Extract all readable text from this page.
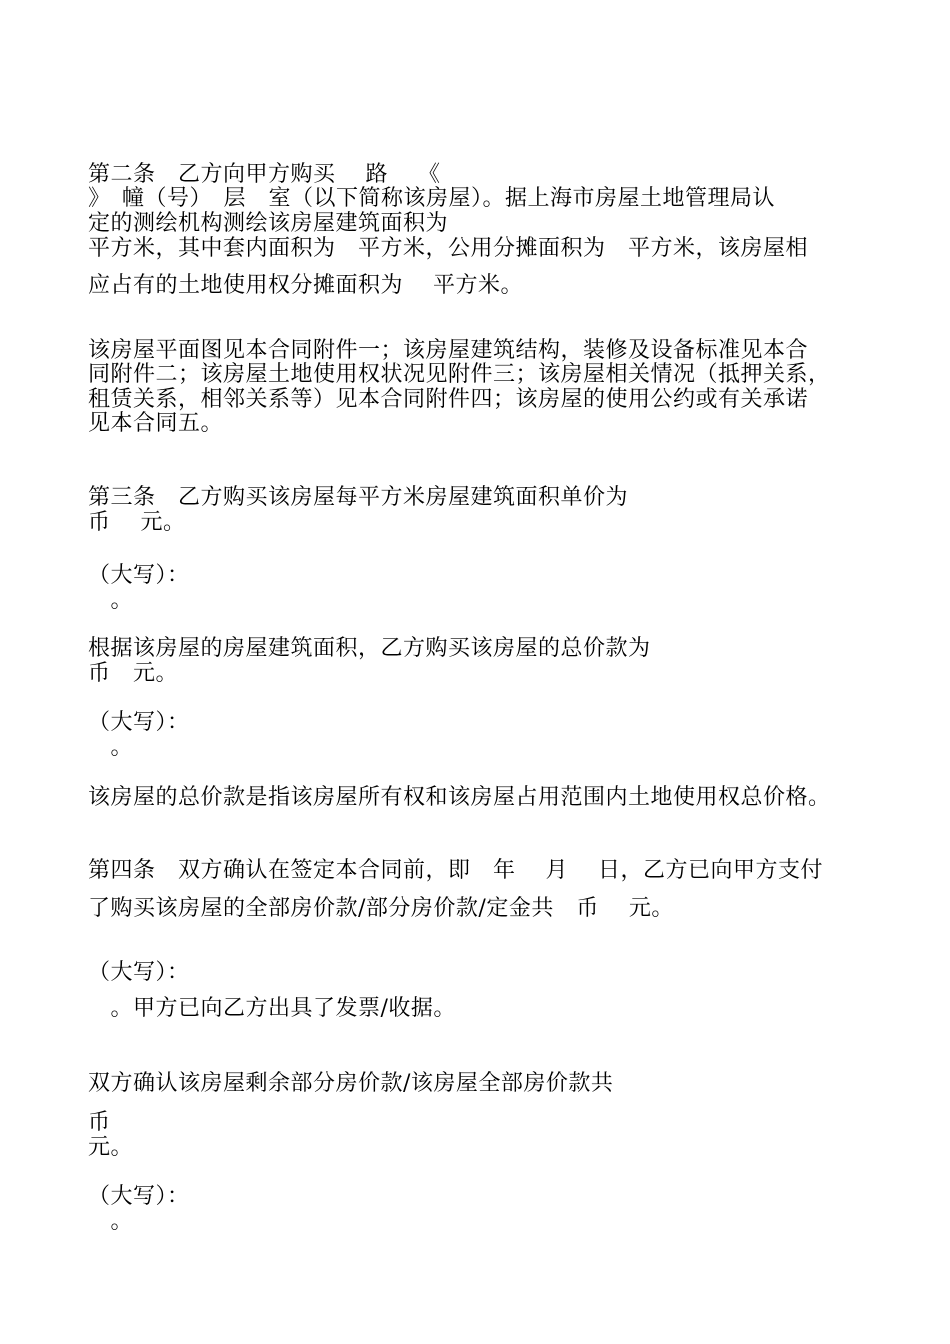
第二条　乙方向甲方购买　 路　 《
》　幢（号）　层　室（以下简称该房屋）。据上海市房屋土地管理局认
定的测绘机构测绘该房屋建筑面积为
平方米，其中套内面积为　平方米，公用分摊面积为　平方米，该房屋相
应占有的土地使用权分摊面积为　 平方米。
该房屋平面图见本合同附件一；该房屋建筑结构，装修及设备标准见本合
同附件二；该房屋土地使用权状况见附件三；该房屋相关情况（抵押关系，
租赁关系，相邻关系等）见本合同附件四；该房屋的使用公约或有关承诺
见本合同五。
第三条　乙方购买该房屋每平方米房屋建筑面积单价为
币　 元。
（大写）：
　。
根据该房屋的房屋建筑面积，乙方购买该房屋的总价款为
币　元。
（大写）：
　。
该房屋的总价款是指该房屋所有权和该房屋占用范围内土地使用权总价格。
第四条　双方确认在签定本合同前，即　年　 月　 日，乙方已向甲方支付
了购买该房屋的全部房价款/部分房价款/定金共　币　 元。
（大写）：
　。甲方已向乙方出具了发票/收据。
双方确认该房屋剩余部分房价款/该房屋全部房价款共
币
元。
（大写）：
　。
